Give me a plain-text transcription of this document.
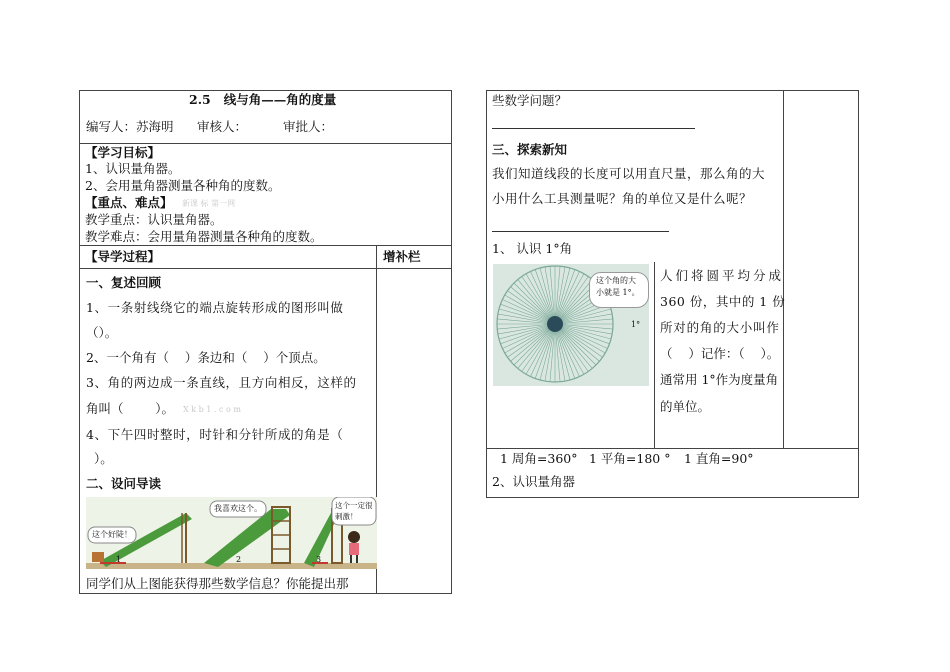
2.5   线与角——角的度量
编写人：苏海明 审核人：	审批人：
【学习目标】
1、认识量角器。
2、会用量角器测量各种角的度数。
【重点、难点】 新课 标 第一网
教学重点：认识量角器。
教学难点：会用量角器测量各种角的度数。
【导学过程】	增补栏
一、复述回顾
1、一条射线绕它的端点旋转形成的图形叫做
（）。
2、一个角有（    ）条边和（    ）个顶点。
3、角的两边成一条直线，且方向相反，这样的
角叫（        ）。 X k b 1 . c o m
4、下午四时整时，时针和分针所成的角是（
）。
二、设问导读
这个好陡！
我喜欢这个。	这个一定很刺激！
1	2	3
同学们从上图能获得那些数学信息？你能提出那
些数学问题？
三、探索新知
我们知道线段的长度可以用直尺量，那么角的大
小用什么工具测量呢？角的单位又是什么呢？
1、 认识 1°角
这个角的大
小就是 1°。
1°
人们将圆平均分成
360 份，其中的 1 份
所对的角的大小叫作
（    ）记作：（    ）。
通常用 1°作为度量角
的单位。
1 周角=360° 1 平角=180 ° 1 直角=90°
2、认识量角器
